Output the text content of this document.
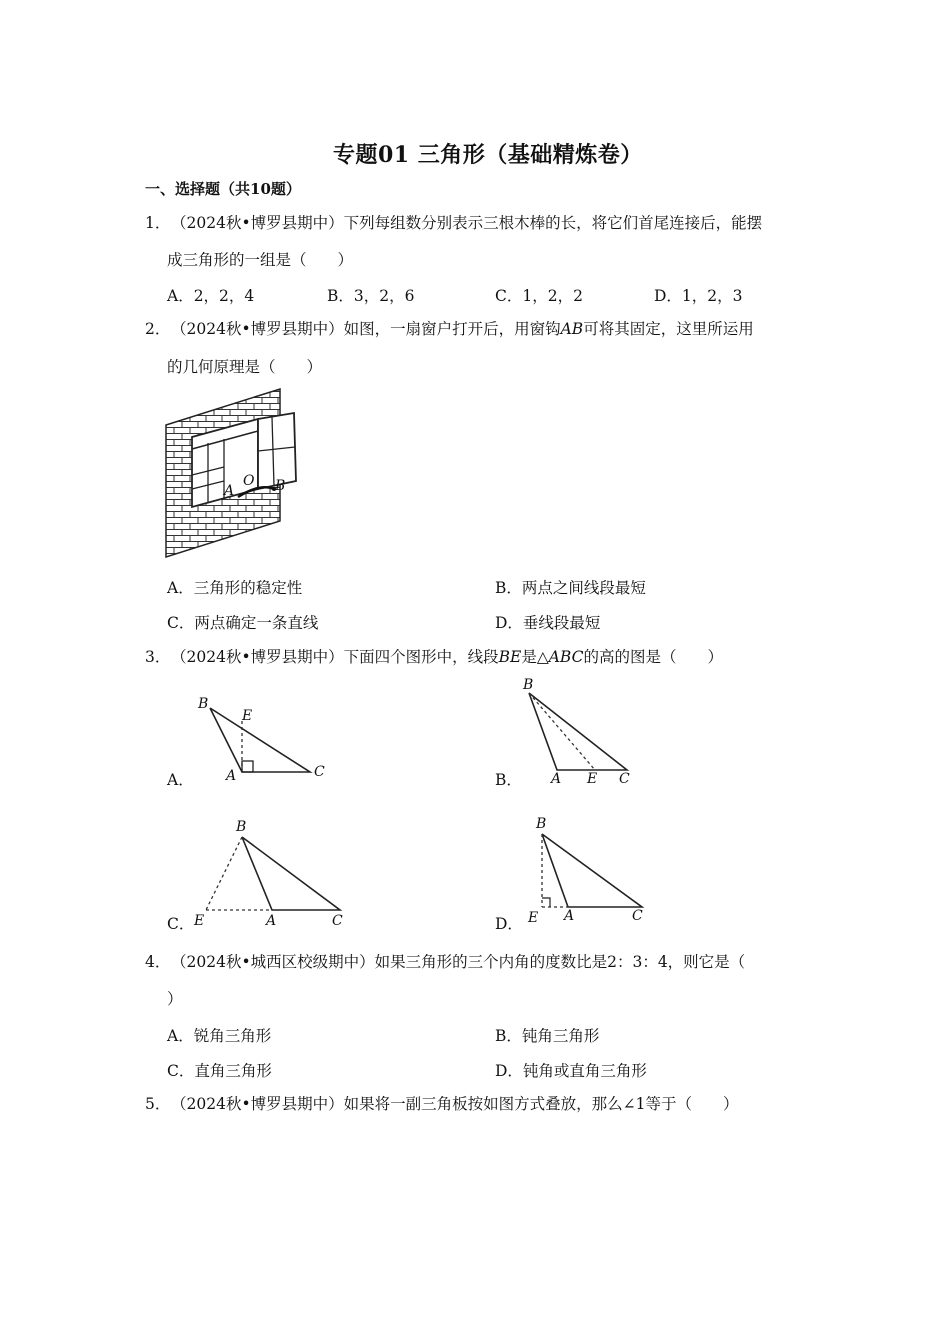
专题01 三角形（基础精炼卷）
一、选择题（共10题）
1．（2024秋•博罗县期中）下列每组数分别表示三根木棒的长，将它们首尾连接后，能摆
成三角形的一组是（　　）
A．2，2，4	B．3，2，6	C．1，2，2	D．1，2，3
2．（2024秋•博罗县期中）如图，一扇窗户打开后，用窗钩AB可将其固定，这里所运用
的几何原理是（　　）
A
O B
A．三角形的稳定性	B．两点之间线段最短
C．两点确定一条直线	D．垂线段最短
3．（2024秋•博罗县期中）下面四个图形中，线段BE是△ABC的高的图是（　　）
A．
B
E
A	C	B．
B
A E C
C．
B
E	A	C	D．
B
E A	C
4．（2024秋•城西区校级期中）如果三角形的三个内角的度数比是2：3：4，则它是（
）
A．锐角三角形	B．钝角三角形
C．直角三角形	D．钝角或直角三角形
5．（2024秋•博罗县期中）如果将一副三角板按如图方式叠放，那么∠1等于（　　）
